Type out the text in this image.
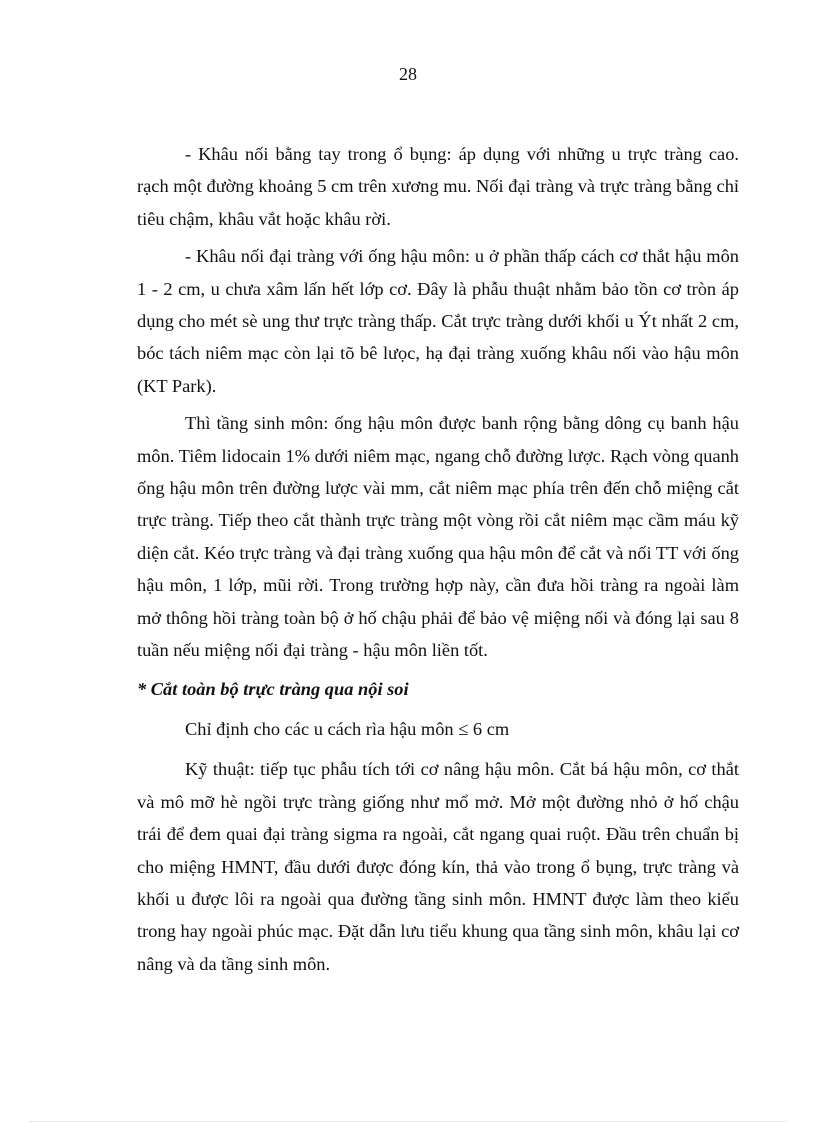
28

- Khâu nối bằng tay trong ổ bụng: áp dụng với những u trực tràng cao. rạch một đường khoảng 5 cm trên xương mu. Nối đại tràng và trực tràng bằng chỉ tiêu chậm, khâu vắt hoặc khâu rời.

- Khâu nối đại tràng với ống hậu môn: u ở phần thấp cách cơ thắt hậu môn 1 - 2 cm, u chưa xâm lấn hết lớp cơ. Đây là phẫu thuật nhằm bảo tồn cơ tròn áp dụng cho mét sè ung thư trực tràng thấp. Cắt trực tràng dưới khối u Ýt nhất 2 cm, bóc tách niêm mạc còn lại tõ bê lưọc, hạ đại tràng xuống khâu nối vào hậu môn (KT Park).

Thì tầng sinh môn: ống hậu môn được banh rộng bằng dông cụ banh hậu môn. Tiêm lidocain 1% dưới niêm mạc, ngang chỗ đường lược. Rạch vòng quanh ống hậu môn trên đường lược vài mm, cắt niêm mạc phía trên đến chỗ miệng cắt trực tràng. Tiếp theo cắt thành trực tràng một vòng rồi cắt niêm mạc cầm máu kỹ diện cắt. Kéo trực tràng và đại tràng xuống qua hậu môn để cắt và nối TT với ống hậu môn, 1 lớp, mũi rời. Trong trường hợp này, cần đưa hồi tràng ra ngoài làm mở thông hồi tràng toàn bộ ở hố chậu phải để bảo vệ miệng nối và đóng lại sau 8 tuần nếu miệng nối đại tràng - hậu môn liền tốt.

* Cắt toàn bộ trực tràng qua nội soi

Chỉ định cho các u cách rìa hậu môn ≤ 6 cm

Kỹ thuật: tiếp tục phẫu tích tới cơ nâng hậu môn. Cắt bá hậu môn, cơ thắt và mô mỡ hè ngồi trực tràng giống như mổ mở. Mở một đường nhỏ ở hố chậu trái để đem quai đại tràng sigma ra ngoài, cắt ngang quai ruột. Đầu trên chuẩn bị cho miệng HMNT, đầu dưới được đóng kín, thả vào trong ổ bụng, trực tràng và khối u được lôi ra ngoài qua đường tầng sinh môn. HMNT được làm theo kiểu trong hay ngoài phúc mạc. Đặt dẫn lưu tiểu khung qua tầng sinh môn, khâu lại cơ nâng và da tầng sinh môn.
